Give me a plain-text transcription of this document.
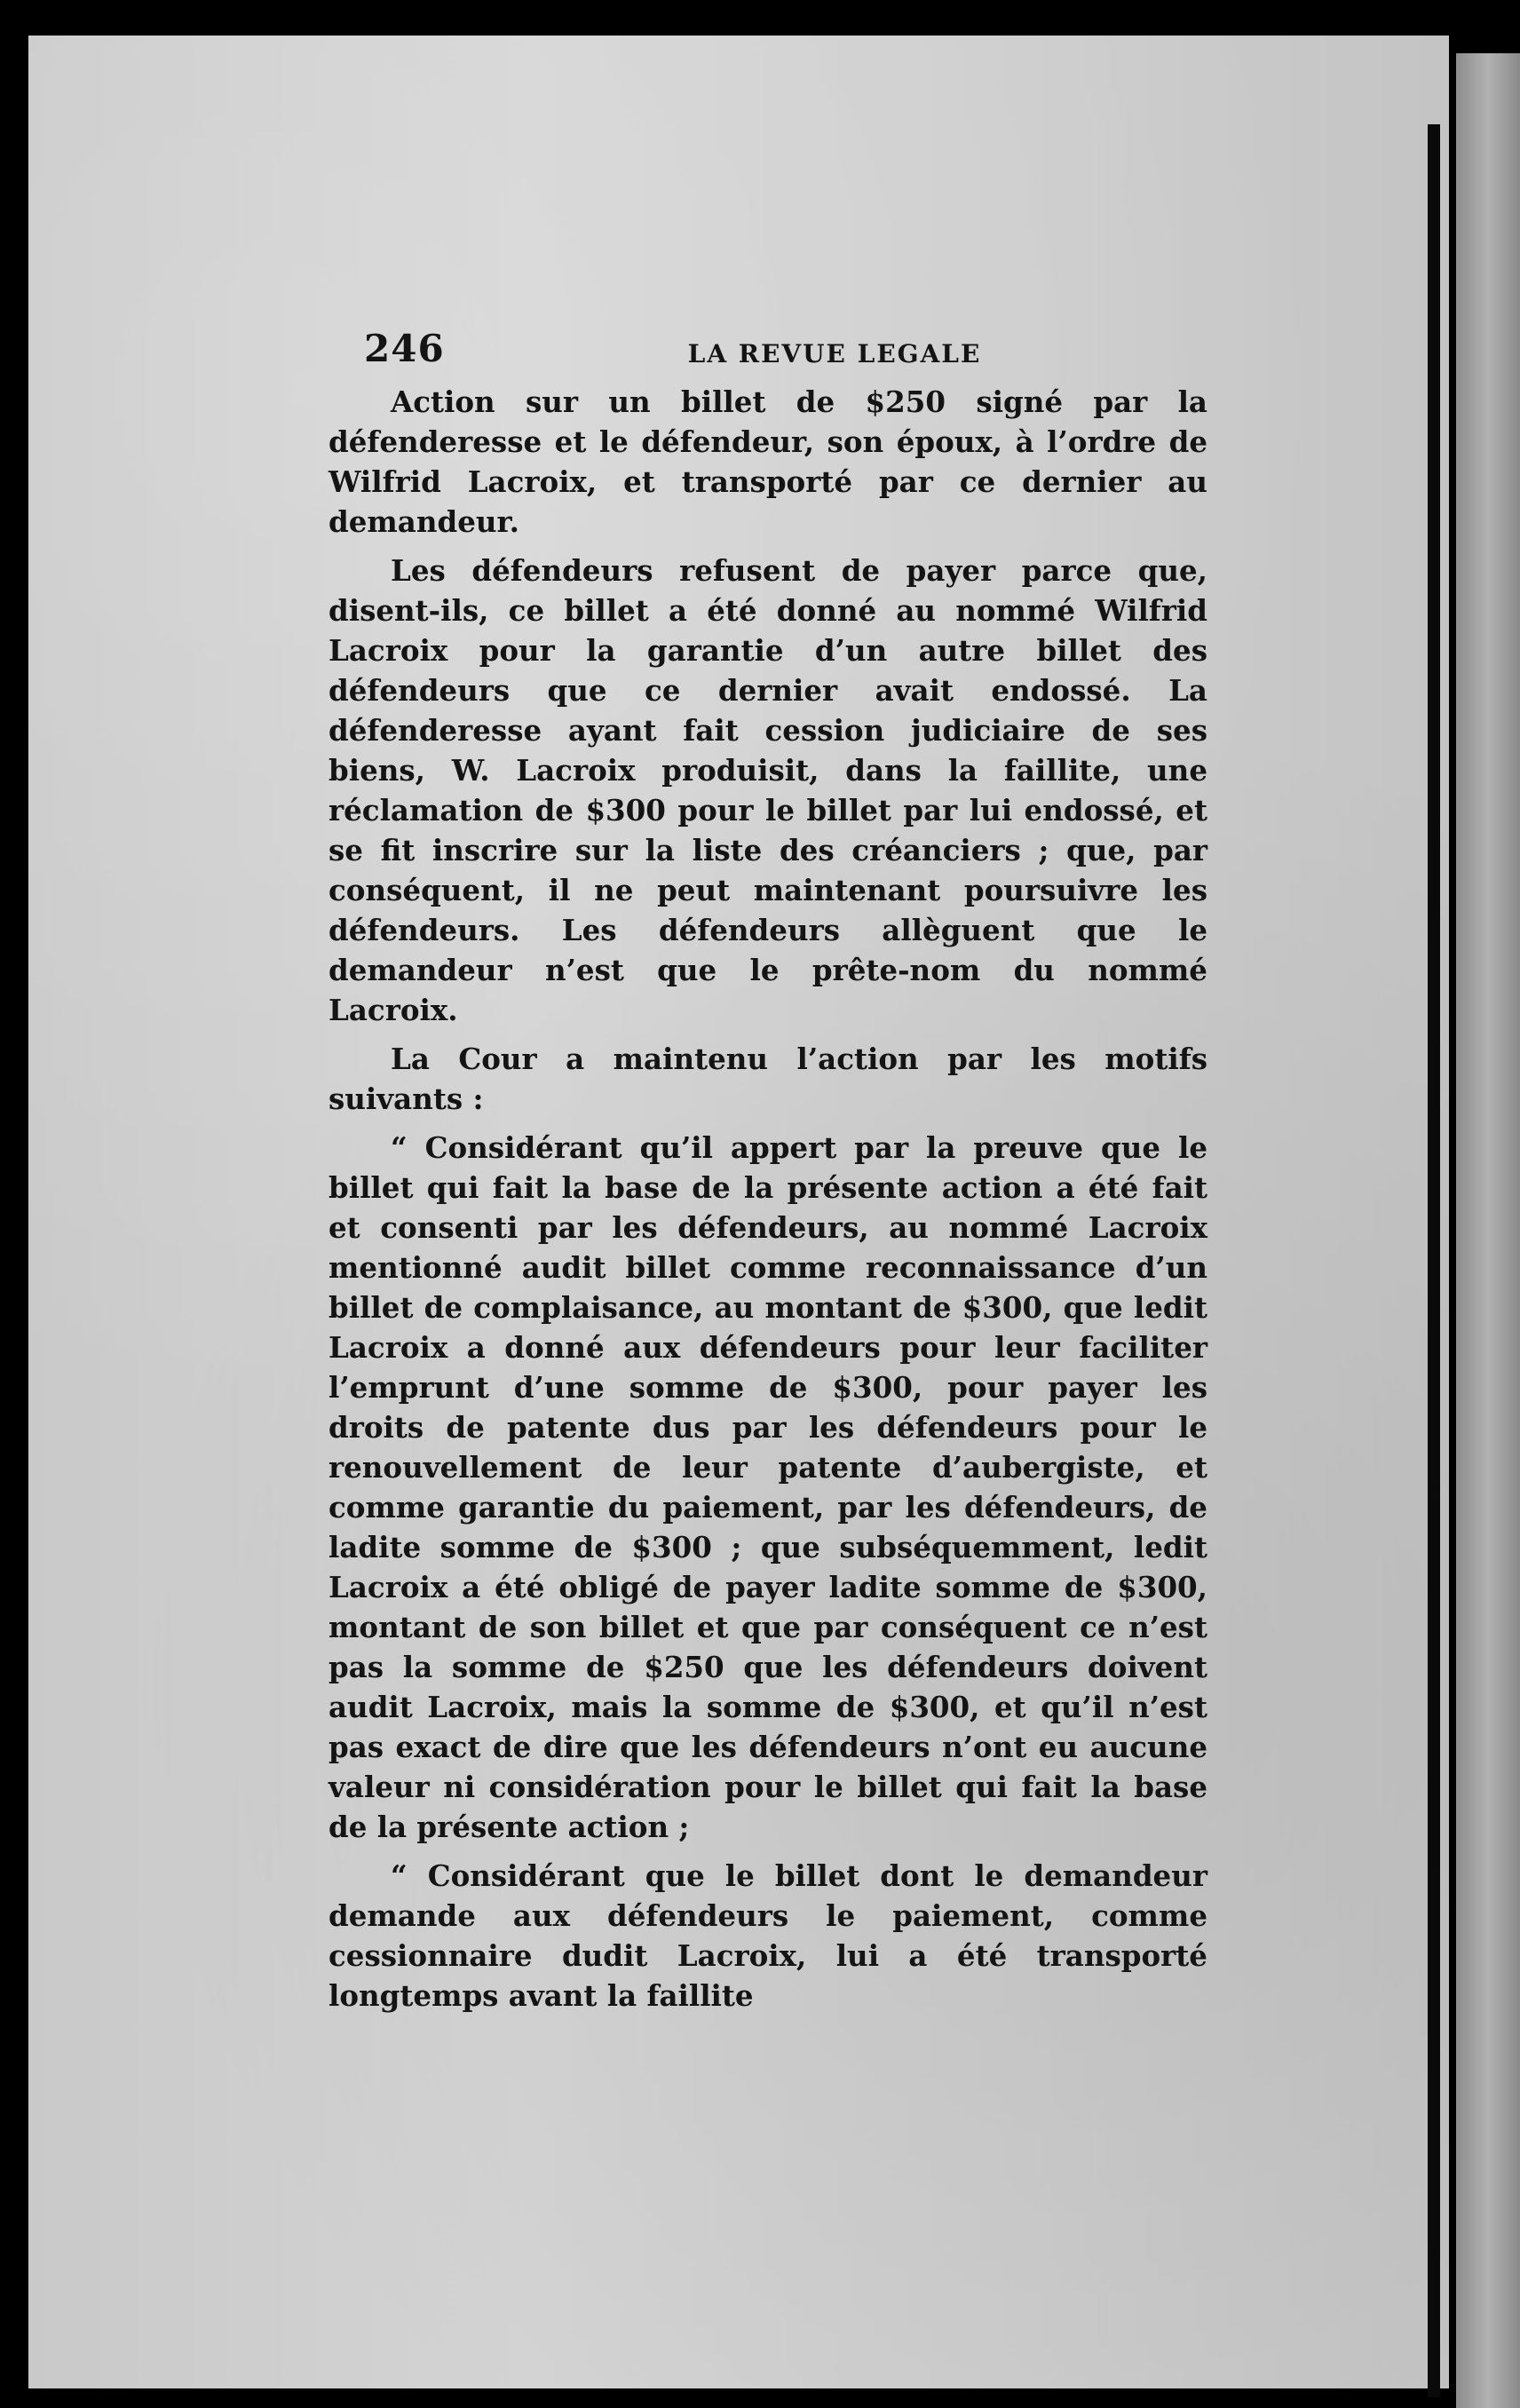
246	LA REVUE LEGALE

Action sur un billet de $250 signé par la défenderesse et le défendeur, son époux, à l’ordre de Wilfrid Lacroix, et transporté par ce dernier au demandeur.

Les défendeurs refusent de payer parce que, disent-ils, ce billet a été donné au nommé Wilfrid Lacroix pour la garantie d’un autre billet des défendeurs que ce dernier avait endossé. La défenderesse ayant fait cession judiciaire de ses biens, W. Lacroix produisit, dans la faillite, une réclamation de $300 pour le billet par lui endossé, et se fit inscrire sur la liste des créanciers ; que, par conséquent, il ne peut maintenant poursuivre les défendeurs. Les défendeurs allèguent que le demandeur n’est que le prête-nom du nommé Lacroix.

La Cour a maintenu l’action par les motifs suivants :

“ Considérant qu’il appert par la preuve que le billet qui fait la base de la présente action a été fait et consenti par les défendeurs, au nommé Lacroix mentionné audit billet comme reconnaissance d’un billet de complaisance, au montant de $300, que ledit Lacroix a donné aux défendeurs pour leur faciliter l’emprunt d’une somme de $300, pour payer les droits de patente dus par les défendeurs pour le renouvellement de leur patente d’aubergiste, et comme garantie du paiement, par les défendeurs, de ladite somme de $300 ; que subséquemment, ledit Lacroix a été obligé de payer ladite somme de $300, montant de son billet et que par conséquent ce n’est pas la somme de $250 que les défendeurs doivent audit Lacroix, mais la somme de $300, et qu’il n’est pas exact de dire que les défendeurs n’ont eu aucune valeur ni considération pour le billet qui fait la base de la présente action ;

“ Considérant que le billet dont le demandeur demande aux défendeurs le paiement, comme cessionnaire dudit Lacroix, lui a été transporté longtemps avant la faillite
